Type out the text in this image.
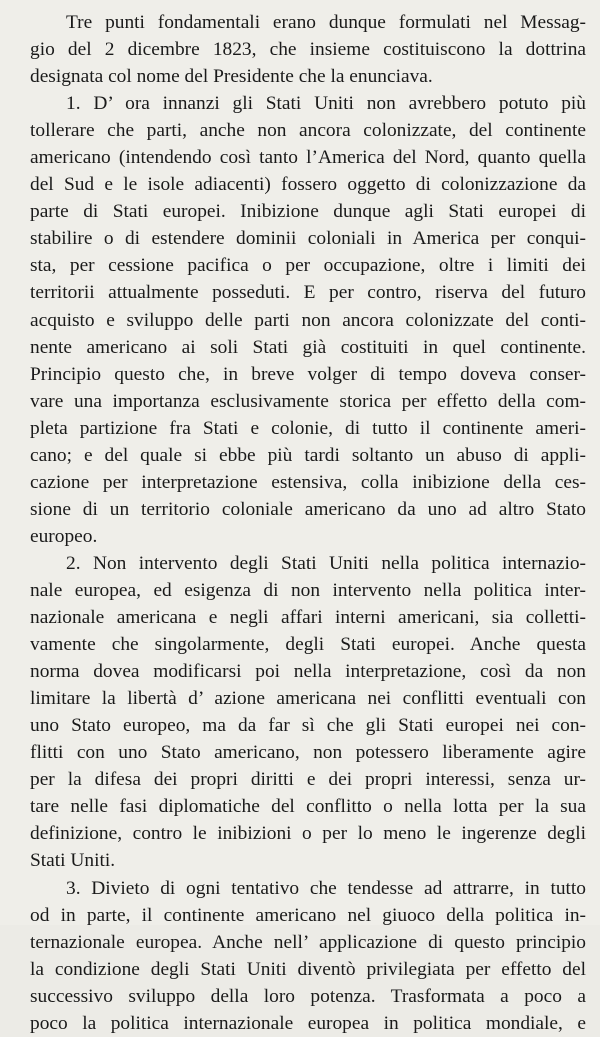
Tre punti fondamentali erano dunque formulati nel Messag-
gio del 2 dicembre 1823, che insieme costituiscono la dottrina
designata col nome del Presidente che la enunciava.
1. D’ ora innanzi gli Stati Uniti non avrebbero potuto più
tollerare che parti, anche non ancora colonizzate, del continente
americano (intendendo così tanto l’America del Nord, quanto quella
del Sud e le isole adiacenti) fossero oggetto di colonizzazione da
parte di Stati europei. Inibizione dunque agli Stati europei di
stabilire o di estendere dominii coloniali in America per conqui-
sta, per cessione pacifica o per occupazione, oltre i limiti dei
territorii attualmente posseduti. E per contro, riserva del futuro
acquisto e sviluppo delle parti non ancora colonizzate del conti-
nente americano ai soli Stati già costituiti in quel continente.
Principio questo che, in breve volger di tempo doveva conser-
vare una importanza esclusivamente storica per effetto della com-
pleta partizione fra Stati e colonie, di tutto il continente ameri-
cano; e del quale si ebbe più tardi soltanto un abuso di appli-
cazione per interpretazione estensiva, colla inibizione della ces-
sione di un territorio coloniale americano da uno ad altro Stato
europeo.
2. Non intervento degli Stati Uniti nella politica internazio-
nale europea, ed esigenza di non intervento nella politica inter-
nazionale americana e negli affari interni americani, sia colletti-
vamente che singolarmente, degli Stati europei. Anche questa
norma dovea modificarsi poi nella interpretazione, così da non
limitare la libertà d’ azione americana nei conflitti eventuali con
uno Stato europeo, ma da far sì che gli Stati europei nei con-
flitti con uno Stato americano, non potessero liberamente agire
per la difesa dei propri diritti e dei propri interessi, senza ur-
tare nelle fasi diplomatiche del conflitto o nella lotta per la sua
definizione, contro le inibizioni o per lo meno le ingerenze degli
Stati Uniti.
3. Divieto di ogni tentativo che tendesse ad attrarre, in tutto
od in parte, il continente americano nel giuoco della politica in-
ternazionale europea. Anche nell’ applicazione di questo principio
la condizione degli Stati Uniti diventò privilegiata per effetto del
successivo sviluppo della loro potenza. Trasformata a poco a
poco la politica internazionale europea in politica mondiale, e
